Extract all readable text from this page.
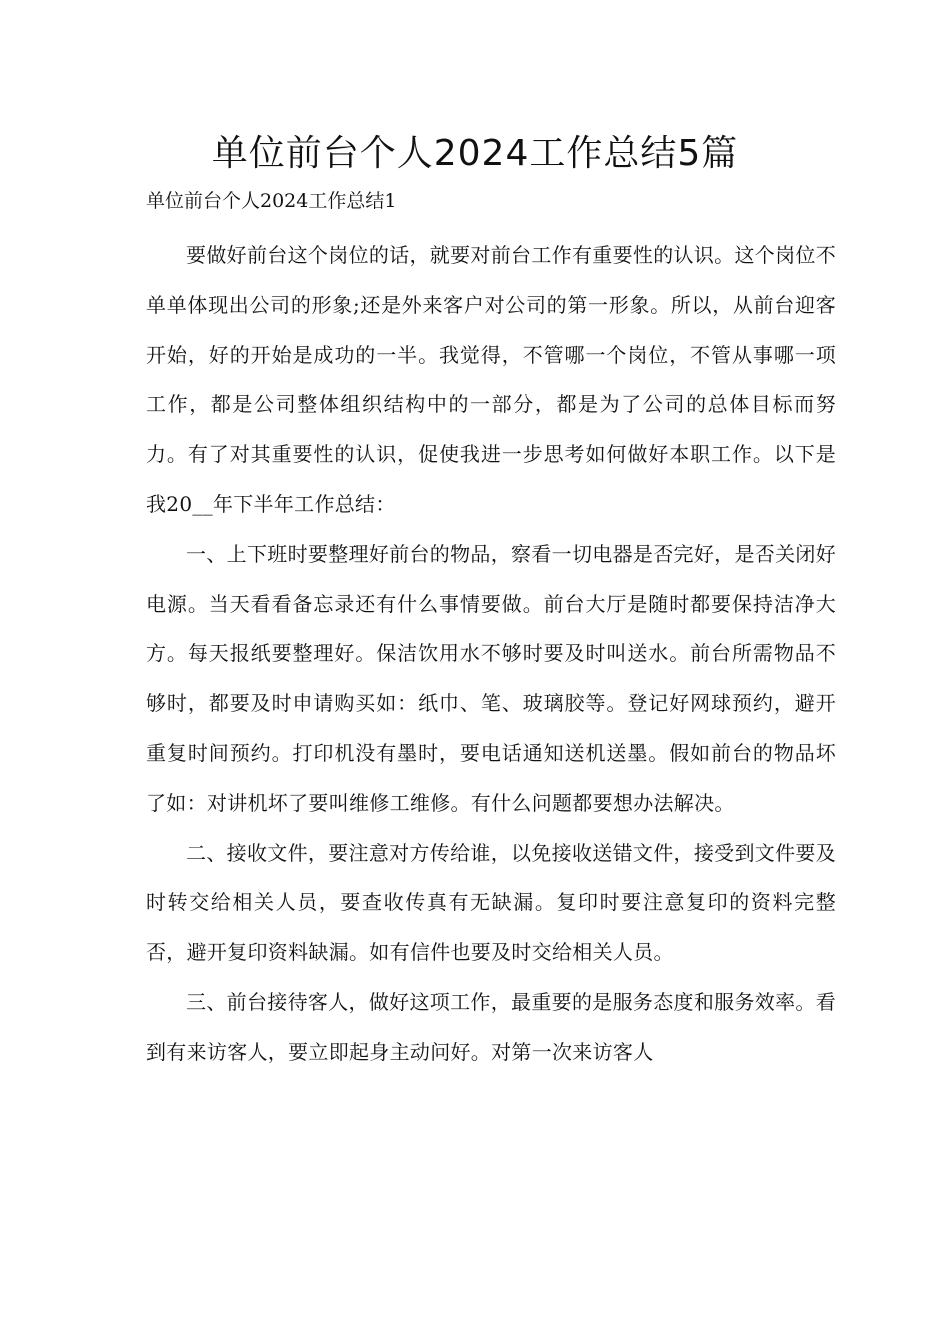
单位前台个人2024工作总结5篇

单位前台个人2024工作总结1

要做好前台这个岗位的话，就要对前台工作有重要性的认识。这个岗位不单单体现出公司的形象;还是外来客户对公司的第一形象。所以，从前台迎客开始，好的开始是成功的一半。我觉得，不管哪一个岗位，不管从事哪一项工作，都是公司整体组织结构中的一部分，都是为了公司的总体目标而努力。有了对其重要性的认识，促使我进一步思考如何做好本职工作。以下是我20__年下半年工作总结：

一、上下班时要整理好前台的物品，察看一切电器是否完好，是否关闭好电源。当天看看备忘录还有什么事情要做。前台大厅是随时都要保持洁净大方。每天报纸要整理好。保洁饮用水不够时要及时叫送水。前台所需物品不够时，都要及时申请购买如：纸巾、笔、玻璃胶等。登记好网球预约，避开重复时间预约。打印机没有墨时，要电话通知送机送墨。假如前台的物品坏了如：对讲机坏了要叫维修工维修。有什么问题都要想办法解决。

二、接收文件，要注意对方传给谁，以免接收送错文件，接受到文件要及时转交给相关人员，要查收传真有无缺漏。复印时要注意复印的资料完整否，避开复印资料缺漏。如有信件也要及时交给相关人员。

三、前台接待客人，做好这项工作，最重要的是服务态度和服务效率。看到有来访客人，要立即起身主动问好。对第一次来访客人
